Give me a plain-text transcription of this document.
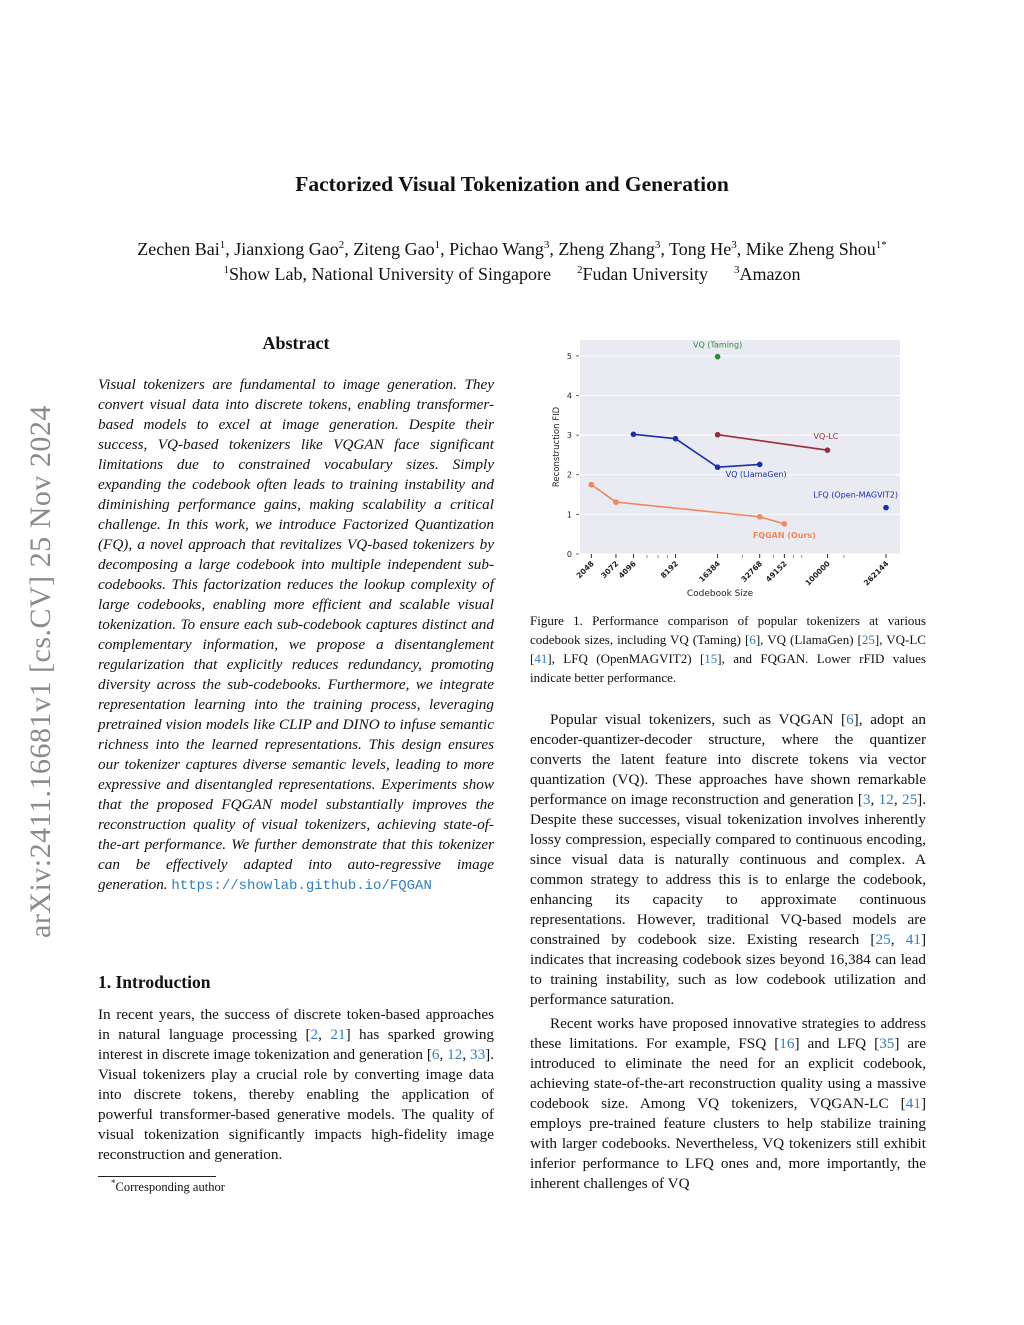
arXiv:2411.16681v1 [cs.CV] 25 Nov 2024
Factorized Visual Tokenization and Generation
Zechen Bai$^1$, Jianxiong Gao$^2$, Ziteng Gao$^1$, Pichao Wang$^3$, Zheng Zhang$^3$, Tong He$^3$, Mike Zheng Shou$^{1*}$
$^1$Show Lab, National University of Singapore $^2$Fudan University $^3$Amazon
Abstract
Visual tokenizers are fundamental to image generation. They convert visual data into discrete tokens, enabling transformer-based models to excel at image generation. Despite their success, VQ-based tokenizers like VQGAN face significant limitations due to constrained vocabulary sizes. Simply expanding the codebook often leads to training instability and diminishing performance gains, making scalability a critical challenge. In this work, we introduce Factorized Quantization (FQ), a novel approach that revitalizes VQ-based tokenizers by decomposing a large codebook into multiple independent sub-codebooks. This factorization reduces the lookup complexity of large codebooks, enabling more efficient and scalable visual tokenization. To ensure each sub-codebook captures distinct and complementary information, we propose a disentanglement regularization that explicitly reduces redundancy, promoting diversity across the sub-codebooks. Furthermore, we integrate representation learning into the training process, leveraging pretrained vision models like CLIP and DINO to infuse semantic richness into the learned representations. This design ensures our tokenizer captures diverse semantic levels, leading to more expressive and disentangled representations. Experiments show that the proposed FQGAN model substantially improves the reconstruction quality of visual tokenizers, achieving state-of-the-art performance. We further demonstrate that this tokenizer can be effectively adapted into auto-regressive image generation. https://showlab.github.io/FQGAN
1. Introduction
In recent years, the success of discrete token-based approaches in natural language processing [2, 21] has sparked growing interest in discrete image tokenization and generation [6, 12, 33]. Visual tokenizers play a crucial role by converting image data into discrete tokens, thereby enabling the application of powerful transformer-based generative models. The quality of visual tokenization significantly impacts high-fidelity image reconstruction and generation.
*Corresponding author
0
1
2
3
4
5
2048 3072
4096	8192 16384 32768 49152 100000	262144
Codebook Size
Reconstruction FID
VQ (Taming)
VQ-LC
VQ (LlamaGen)
LFQ (Open-MAGVIT2)
FQGAN (Ours)
Figure 1. Performance comparison of popular tokenizers at various codebook sizes, including VQ (Taming) [6], VQ (LlamaGen) [25], VQ-LC [41], LFQ (OpenMAGVIT2) [15], and FQGAN. Lower rFID values indicate better performance.
Popular visual tokenizers, such as VQGAN [6], adopt an encoder-quantizer-decoder structure, where the quantizer converts the latent feature into discrete tokens via vector quantization (VQ). These approaches have shown remarkable performance on image reconstruction and generation [3, 12, 25]. Despite these successes, visual tokenization involves inherently lossy compression, especially compared to continuous encoding, since visual data is naturally continuous and complex. A common strategy to address this is to enlarge the codebook, enhancing its capacity to approximate continuous representations. However, traditional VQ-based models are constrained by codebook size. Existing research [25, 41] indicates that increasing codebook sizes beyond 16,384 can lead to training instability, such as low codebook utilization and performance saturation.
Recent works have proposed innovative strategies to address these limitations. For example, FSQ [16] and LFQ [35] are introduced to eliminate the need for an explicit codebook, achieving state-of-the-art reconstruction quality using a massive codebook size. Among VQ tokenizers, VQGAN-LC [41] employs pre-trained feature clusters to help stabilize training with larger codebooks. Nevertheless, VQ tokenizers still exhibit inferior performance to LFQ ones and, more importantly, the inherent challenges of VQ
